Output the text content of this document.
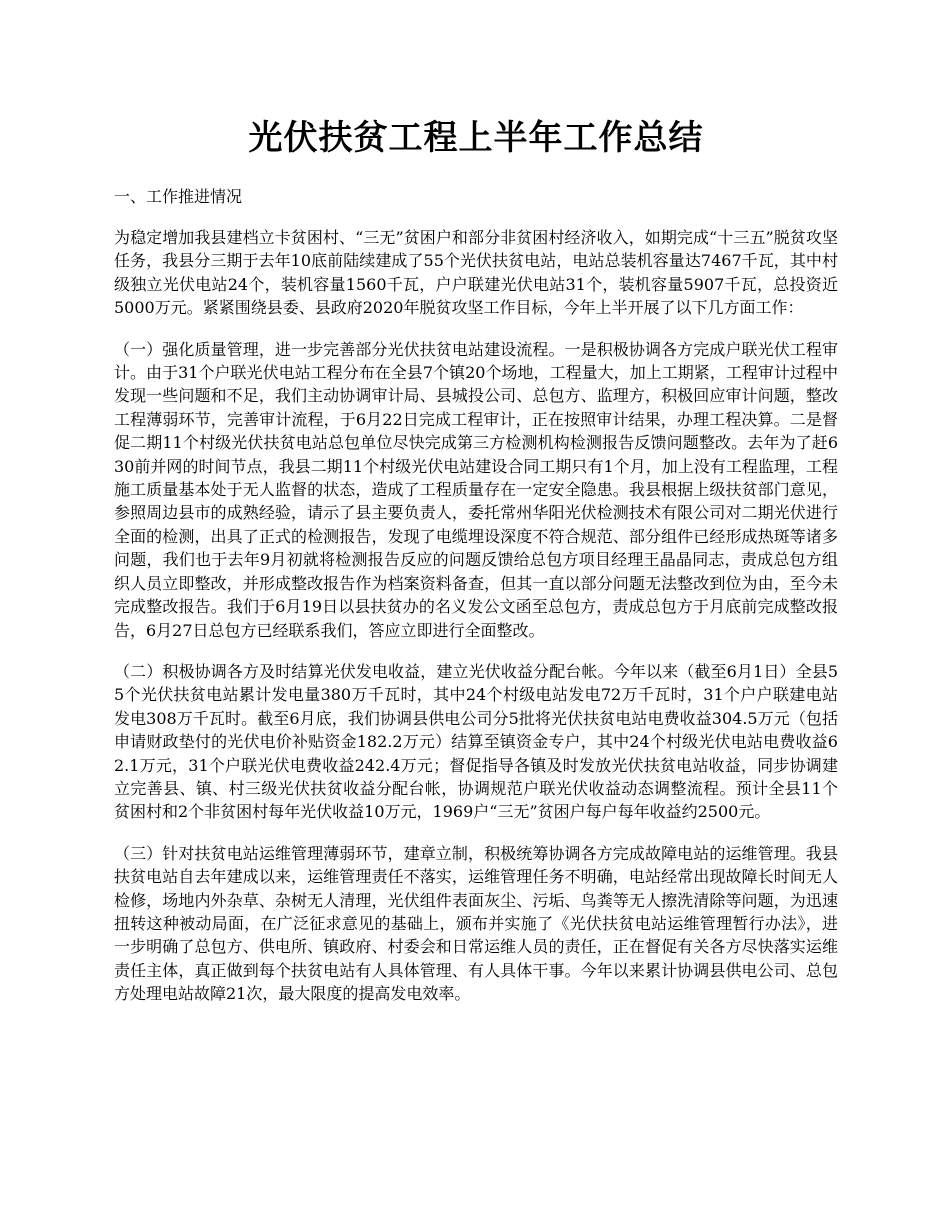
光伏扶贫工程上半年工作总结

一、工作推进情况

为稳定增加我县建档立卡贫困村、“三无”贫困户和部分非贫困村经济收入，如期完成“十三五”脱贫攻坚任务，我县分三期于去年10底前陆续建成了55个光伏扶贫电站，电站总装机容量达7467千瓦，其中村级独立光伏电站24个，装机容量1560千瓦，户户联建光伏电站31个，装机容量5907千瓦，总投资近5000万元。紧紧围绕县委、县政府2020年脱贫攻坚工作目标，今年上半开展了以下几方面工作：

（一）强化质量管理，进一步完善部分光伏扶贫电站建设流程。一是积极协调各方完成户联光伏工程审计。由于31个户联光伏电站工程分布在全县7个镇20个场地，工程量大，加上工期紧，工程审计过程中发现一些问题和不足，我们主动协调审计局、县城投公司、总包方、监理方，积极回应审计问题，整改工程薄弱环节，完善审计流程，于6月22日完成工程审计，正在按照审计结果，办理工程决算。二是督促二期11个村级光伏扶贫电站总包单位尽快完成第三方检测机构检测报告反馈问题整改。去年为了赶630前并网的时间节点，我县二期11个村级光伏电站建设合同工期只有1个月，加上没有工程监理，工程施工质量基本处于无人监督的状态，造成了工程质量存在一定安全隐患。我县根据上级扶贫部门意见，参照周边县市的成熟经验，请示了县主要负责人，委托常州华阳光伏检测技术有限公司对二期光伏进行全面的检测，出具了正式的检测报告，发现了电缆埋设深度不符合规范、部分组件已经形成热斑等诸多问题，我们也于去年9月初就将检测报告反应的问题反馈给总包方项目经理王晶晶同志，责成总包方组织人员立即整改，并形成整改报告作为档案资料备查，但其一直以部分问题无法整改到位为由，至今未完成整改报告。我们于6月19日以县扶贫办的名义发公文函至总包方，责成总包方于月底前完成整改报告，6月27日总包方已经联系我们，答应立即进行全面整改。

（二）积极协调各方及时结算光伏发电收益，建立光伏收益分配台帐。今年以来（截至6月1日）全县55个光伏扶贫电站累计发电量380万千瓦时，其中24个村级电站发电72万千瓦时，31个户户联建电站发电308万千瓦时。截至6月底，我们协调县供电公司分5批将光伏扶贫电站电费收益304.5万元（包括申请财政垫付的光伏电价补贴资金182.2万元）结算至镇资金专户，其中24个村级光伏电站电费收益62.1万元，31个户联光伏电费收益242.4万元；督促指导各镇及时发放光伏扶贫电站收益，同步协调建立完善县、镇、村三级光伏扶贫收益分配台帐，协调规范户联光伏收益动态调整流程。预计全县11个贫困村和2个非贫困村每年光伏收益10万元，1969户“三无”贫困户每户每年收益约2500元。

（三）针对扶贫电站运维管理薄弱环节，建章立制，积极统筹协调各方完成故障电站的运维管理。我县扶贫电站自去年建成以来，运维管理责任不落实，运维管理任务不明确，电站经常出现故障长时间无人检修，场地内外杂草、杂树无人清理，光伏组件表面灰尘、污垢、鸟粪等无人擦洗清除等问题，为迅速扭转这种被动局面，在广泛征求意见的基础上，颁布并实施了《光伏扶贫电站运维管理暂行办法》，进一步明确了总包方、供电所、镇政府、村委会和日常运维人员的责任，正在督促有关各方尽快落实运维责任主体，真正做到每个扶贫电站有人具体管理、有人具体干事。今年以来累计协调县供电公司、总包方处理电站故障21次，最大限度的提高发电效率。
